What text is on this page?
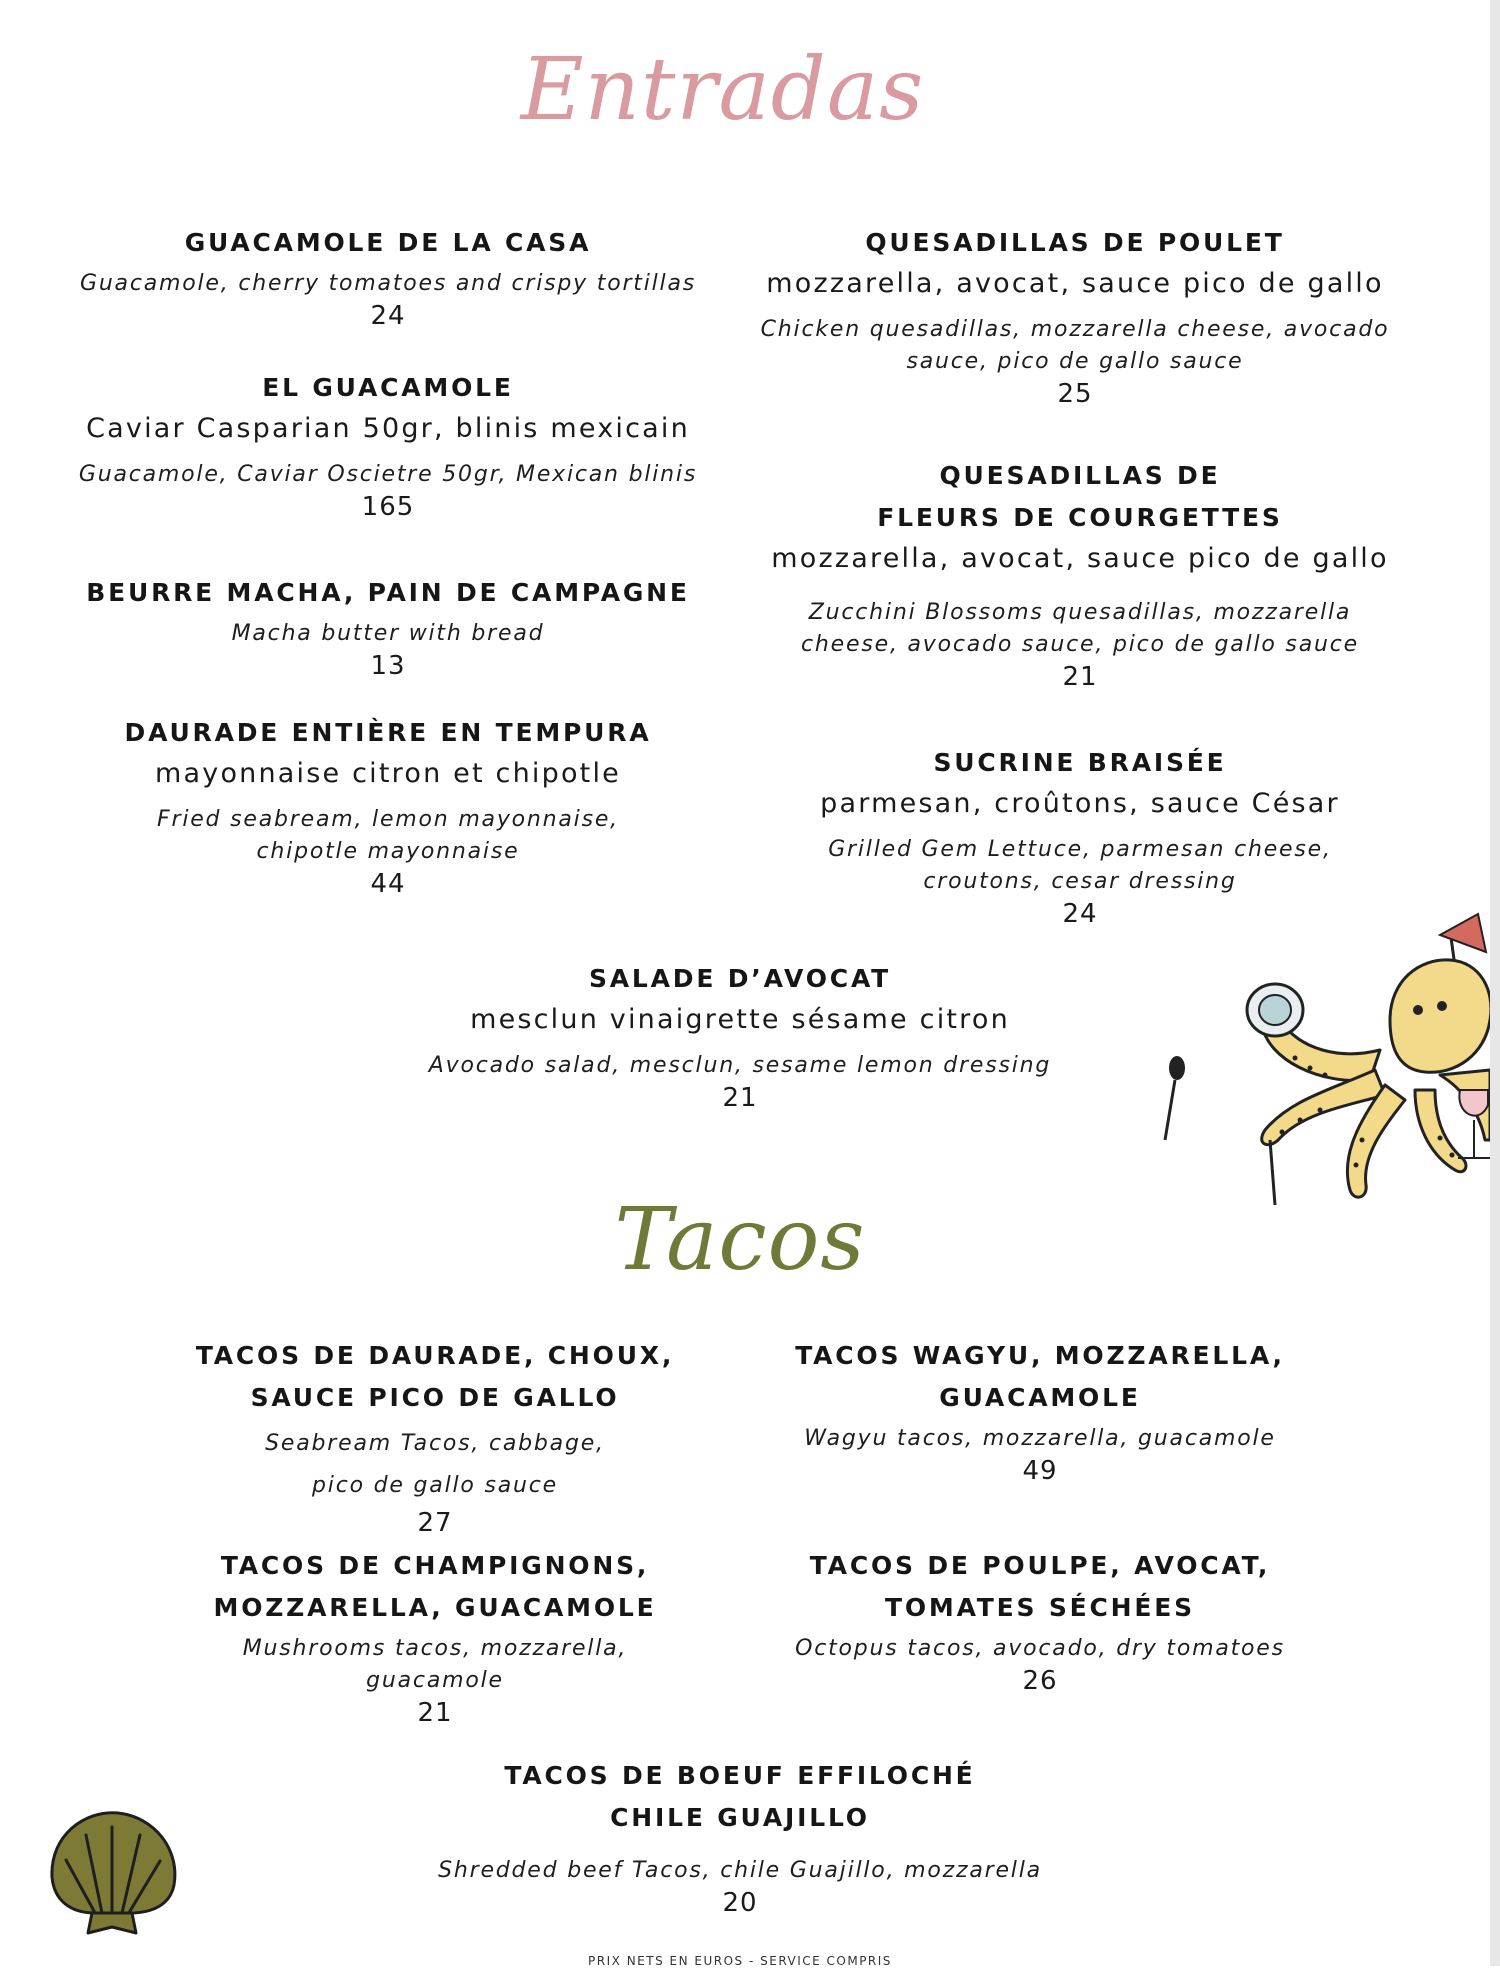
Entradas
Tacos
GUACAMOLE DE LA CASA
Guacamole, cherry tomatoes and crispy tortillas
24
EL GUACAMOLE
Caviar Casparian 50gr, blinis mexicain
Guacamole, Caviar Oscietre 50gr, Mexican blinis
165
BEURRE MACHA, PAIN DE CAMPAGNE
Macha butter with bread
13
DAURADE ENTIÈRE EN TEMPURA
mayonnaise citron et chipotle
Fried seabream, lemon mayonnaise,
chipotle mayonnaise
44
QUESADILLAS DE POULET
mozzarella, avocat, sauce pico de gallo
Chicken quesadillas, mozzarella cheese, avocado
sauce, pico de gallo sauce
25
QUESADILLAS DE
FLEURS DE COURGETTES
mozzarella, avocat, sauce pico de gallo
Zucchini Blossoms quesadillas, mozzarella
cheese, avocado sauce, pico de gallo sauce
21
SUCRINE BRAISÉE
parmesan, croûtons, sauce César
Grilled Gem Lettuce, parmesan cheese,
croutons, cesar dressing
24
SALADE D’AVOCAT
mesclun vinaigrette sésame citron
Avocado salad, mesclun, sesame lemon dressing
21
TACOS DE DAURADE, CHOUX,
SAUCE PICO DE GALLO
Seabream Tacos, cabbage,
pico de gallo sauce
27
TACOS DE CHAMPIGNONS,
MOZZARELLA, GUACAMOLE
Mushrooms tacos, mozzarella,
guacamole
21
TACOS WAGYU, MOZZARELLA,
GUACAMOLE
Wagyu tacos, mozzarella, guacamole
49
TACOS DE POULPE, AVOCAT,
TOMATES SÉCHÉES
Octopus tacos, avocado, dry tomatoes
26
TACOS DE BOEUF EFFILOCHÉ
CHILE GUAJILLO
Shredded beef Tacos, chile Guajillo, mozzarella
20
PRIX NETS EN EUROS - SERVICE COMPRIS
